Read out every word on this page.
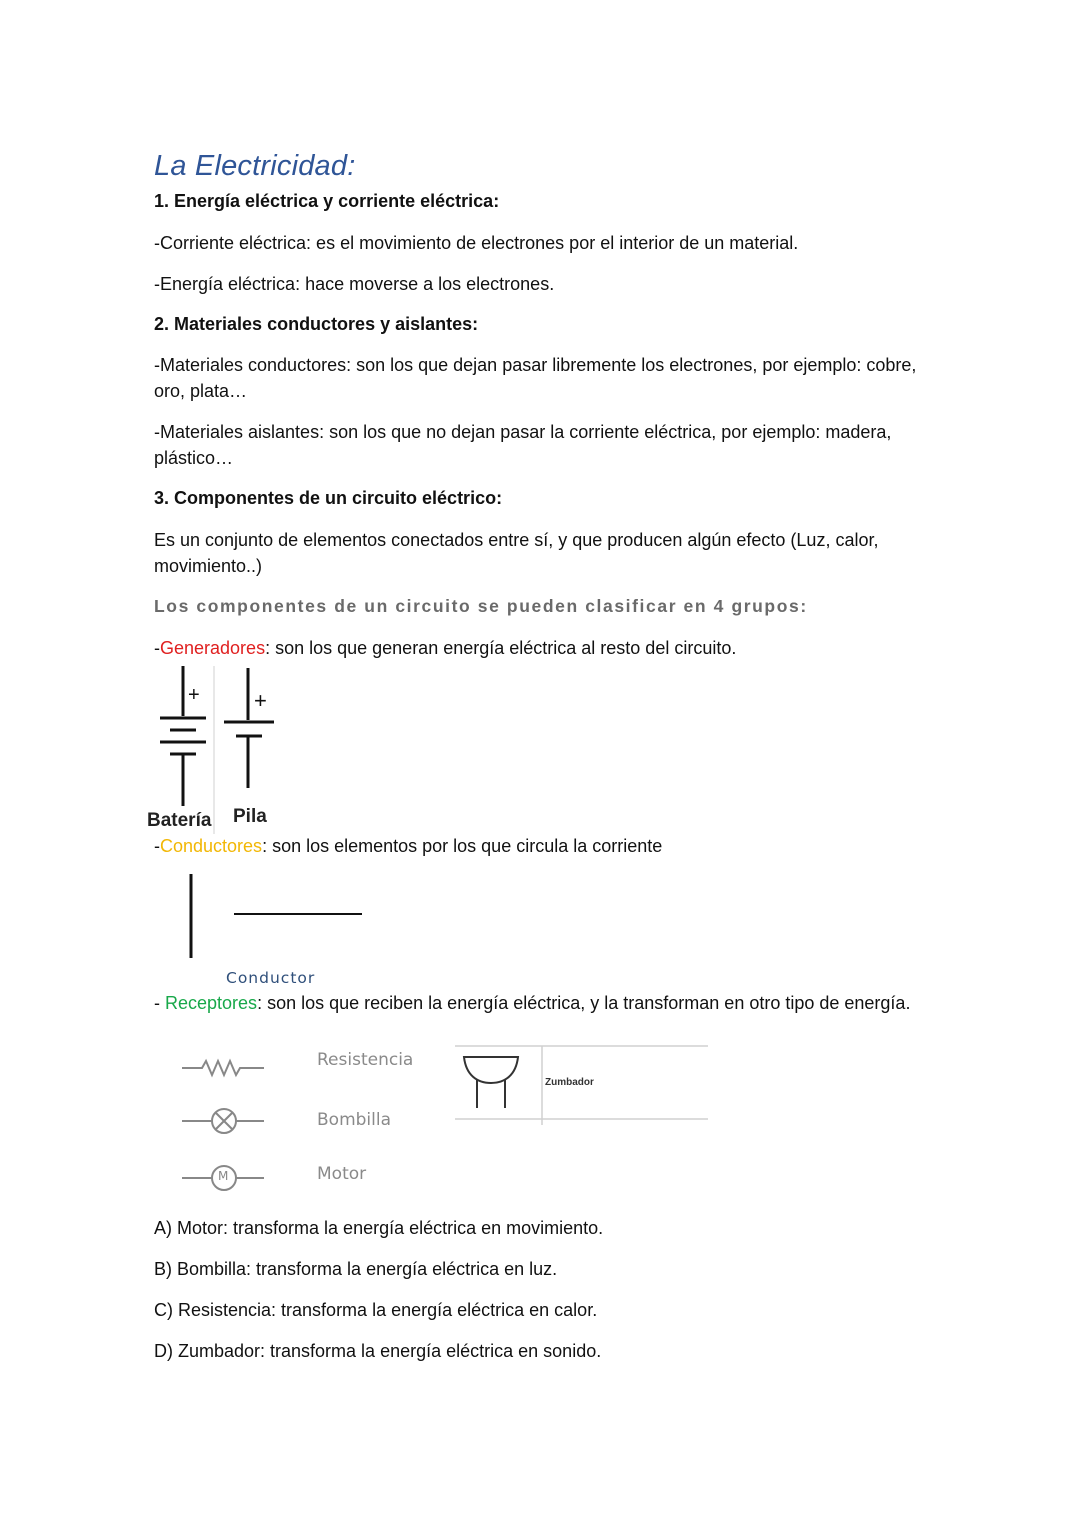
La Electricidad:
1. Energía eléctrica y corriente eléctrica:
-Corriente eléctrica: es el movimiento de electrones por el interior de un material.
-Energía eléctrica: hace moverse a los electrones.
2. Materiales conductores y aislantes:
-Materiales conductores: son los que dejan pasar libremente los electrones, por ejemplo: cobre, oro, plata…
-Materiales aislantes: son los que no dejan pasar la corriente eléctrica, por ejemplo: madera, plástico…
3. Componentes de un circuito eléctrico:
Es un conjunto de elementos conectados entre sí, y que producen algún efecto (Luz, calor, movimiento..)
Los componentes de un circuito se pueden clasificar en 4 grupos:
-Generadores: son los que generan energía eléctrica al resto del circuito.
+ +
Batería Pila
-Conductores: son los elementos por los que circula la corriente
Conductor
- Receptores: son los que reciben la energía eléctrica, y la transforman en otro tipo de energía.
Resistencia
Bombilla
M	Motor
Zumbador
A) Motor: transforma la energía eléctrica en movimiento.
B) Bombilla: transforma la energía eléctrica en luz.
C) Resistencia: transforma la energía eléctrica en calor.
D) Zumbador: transforma la energía eléctrica en sonido.
